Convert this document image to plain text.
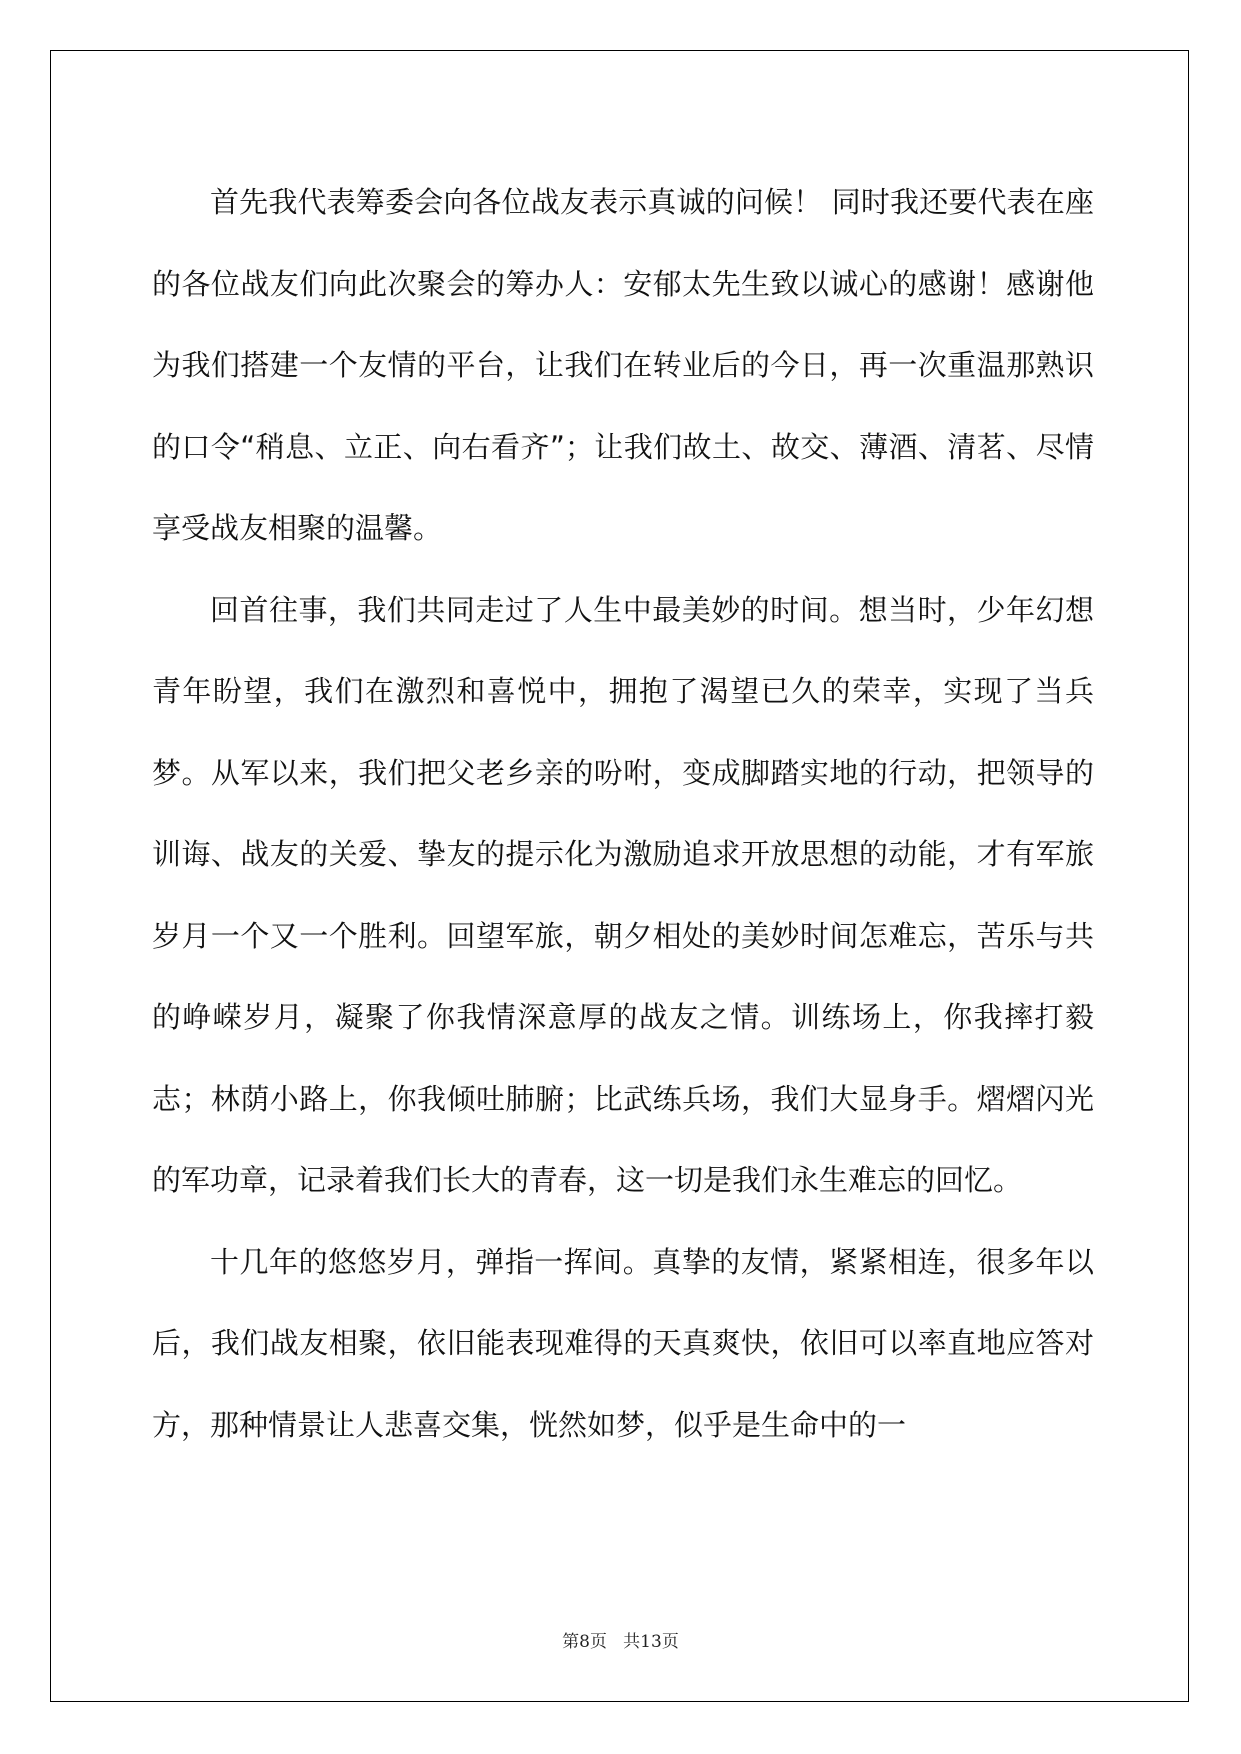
首先我代表筹委会向各位战友表示真诚的问候！ 同时我还要代表在座的各位战友们向此次聚会的筹办人：安郁太先生致以诚心的感谢！感谢他为我们搭建一个友情的平台，让我们在转业后的今日，再一次重温那熟识的口令“稍息、立正、向右看齐”；让我们故土、故交、薄酒、清茗、尽情享受战友相聚的温馨。

回首往事，我们共同走过了人生中最美妙的时间。想当时，少年幻想青年盼望，我们在激烈和喜悦中，拥抱了渴望已久的荣幸，实现了当兵梦。从军以来，我们把父老乡亲的吩咐，变成脚踏实地的行动，把领导的训诲、战友的关爱、挚友的提示化为激励追求开放思想的动能，才有军旅岁月一个又一个胜利。回望军旅，朝夕相处的美妙时间怎难忘，苦乐与共的峥嵘岁月，凝聚了你我情深意厚的战友之情。训练场上，你我摔打毅志；林荫小路上，你我倾吐肺腑；比武练兵场，我们大显身手。熠熠闪光的军功章，记录着我们长大的青春，这一切是我们永生难忘的回忆。

十几年的悠悠岁月，弹指一挥间。真挚的友情，紧紧相连，很多年以后，我们战友相聚，依旧能表现难得的天真爽快，依旧可以率直地应答对方，那种情景让人悲喜交集，恍然如梦，似乎是生命中的一

第8页   共13页
